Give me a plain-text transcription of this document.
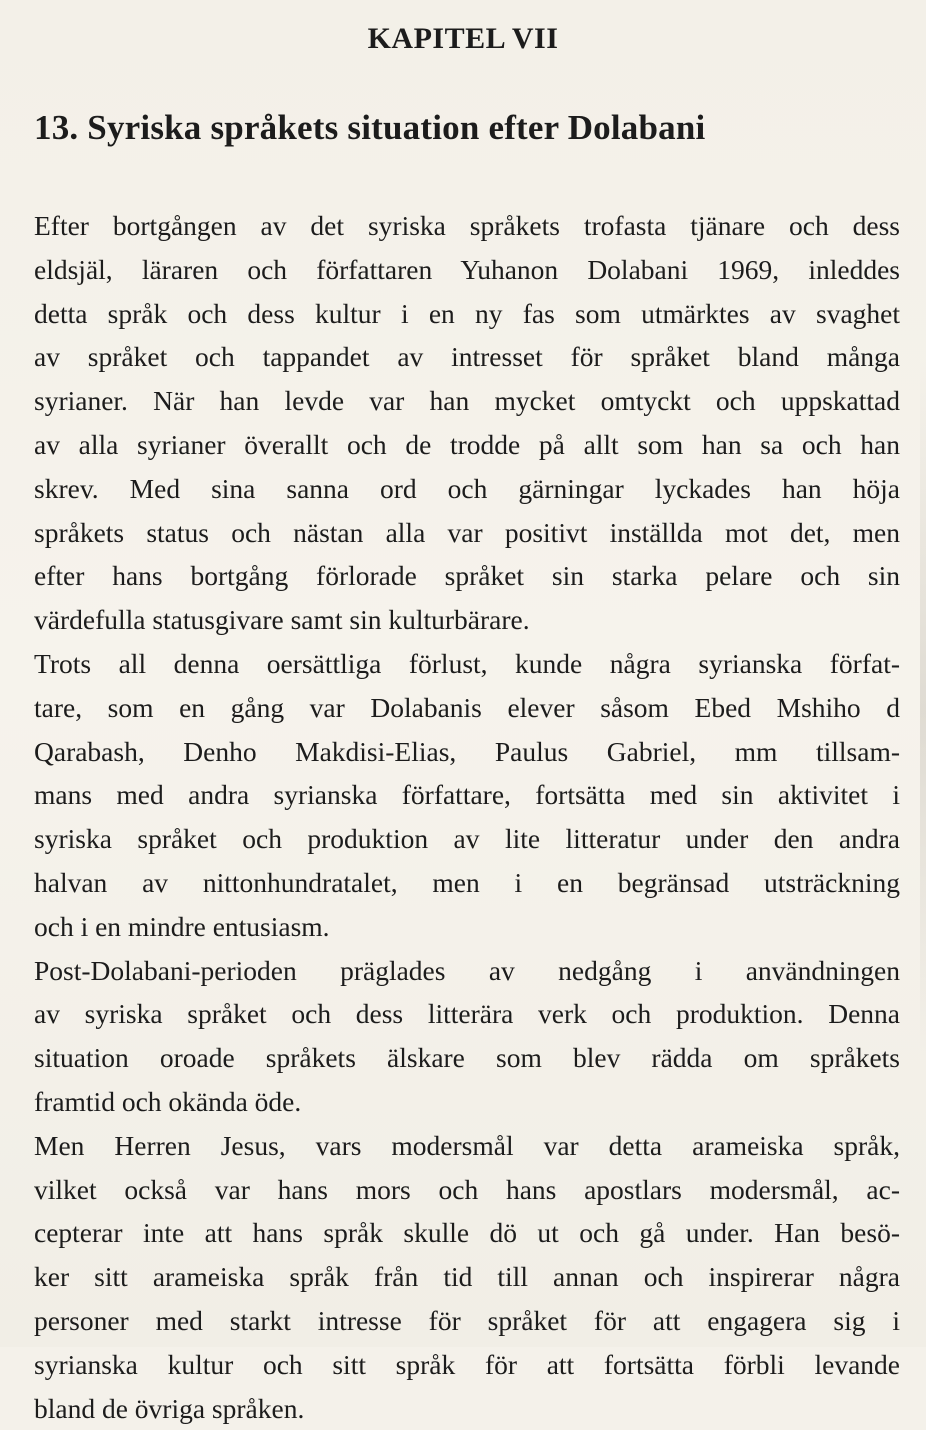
KAPITEL VII
13. Syriska språkets situation efter Dolabani
Efter bortgången av det syriska språkets trofasta tjänare och dess
eldsjäl, läraren och författaren Yuhanon Dolabani 1969, inleddes
detta språk och dess kultur i en ny fas som utmärktes av svaghet
av språket och tappandet av intresset för språket bland många
syrianer. När han levde var han mycket omtyckt och uppskattad
av alla syrianer överallt och de trodde på allt som han sa och han
skrev. Med sina sanna ord och gärningar lyckades han höja
språkets status och nästan alla var positivt inställda mot det, men
efter hans bortgång förlorade språket sin starka pelare och sin
värdefulla statusgivare samt sin kulturbärare.
Trots all denna oersättliga förlust, kunde några syrianska förfat-
tare, som en gång var Dolabanis elever såsom Ebed Mshiho d
Qarabash, Denho Makdisi-Elias, Paulus Gabriel, mm tillsam-
mans med andra syrianska författare, fortsätta med sin aktivitet i
syriska språket och produktion av lite litteratur under den andra
halvan av nittonhundratalet, men i en begränsad utsträckning
och i en mindre entusiasm.
Post-Dolabani-perioden präglades av nedgång i användningen
av syriska språket och dess litterära verk och produktion. Denna
situation oroade språkets älskare som blev rädda om språkets
framtid och okända öde.
Men Herren Jesus, vars modersmål var detta arameiska språk,
vilket också var hans mors och hans apostlars modersmål, ac-
cepterar inte att hans språk skulle dö ut och gå under. Han besö-
ker sitt arameiska språk från tid till annan och inspirerar några
personer med starkt intresse för språket för att engagera sig i
syrianska kultur och sitt språk för att fortsätta förbli levande
bland de övriga språken.
